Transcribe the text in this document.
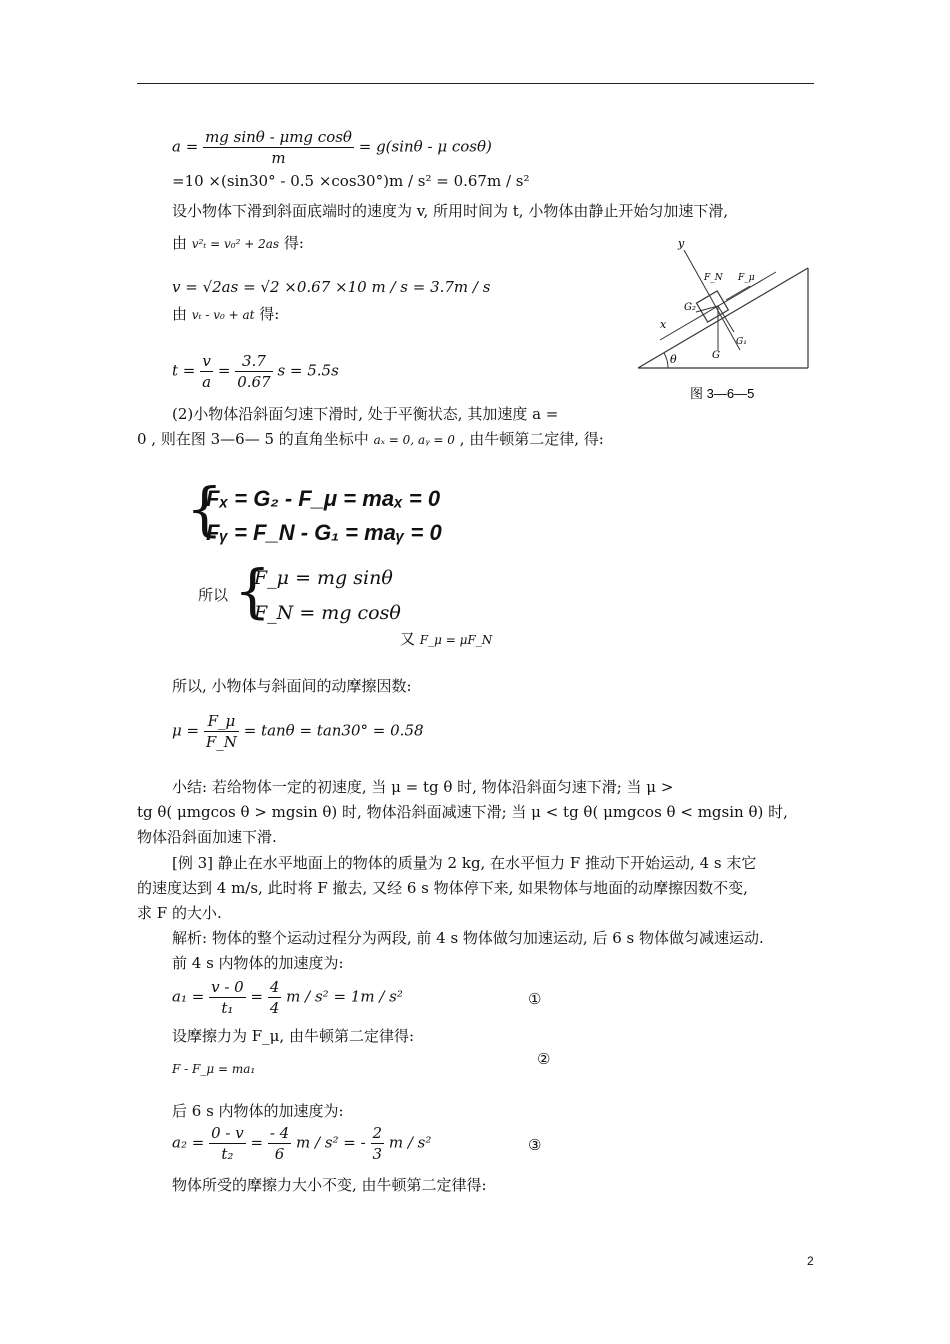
$a = \frac{\text{mg sinθ - μmg cosθ}}{m} = g(\sin\theta - \mu$ cosθ)
=10 ×(sin30° - 0.5 ×cos30°)m / s² = 0.67m / s²
设小物体下滑到斜面底端时的速度为 v, 所用时间为 t, 小物体由静止开始匀加速下滑,
由 v²ₜ = v₀² + 2as 得:
v = √2as = √2 ×0.67 ×10 m / s = 3.7m / s
由 vₜ - v₀ + at 得:
$t = \frac{v}{a} = \frac{3.7}{0.67}$ s = 5.5s
(2)小物体沿斜面匀速下滑时, 处于平衡状态, 其加速度 a =
0 , 则在图 3—6— 5 的直角坐标中 aₓ = 0, aᵧ = 0 , 由牛顿第二定律, 得:
{
Fₓ = G₂ - F_μ = maₓ = 0
Fᵧ = F_N - G₁ = maᵧ = 0
所以 {
F_μ = mg sinθ
F_N = mg cosθ
又 F_μ = μF_N
所以, 小物体与斜面间的动摩擦因数:
$\mu = \frac{F\_\mu}{F\_N} = \tan\theta = \tan 30^\circ = 0.58$
小结: 若给物体一定的初速度, 当 μ = tg θ 时, 物体沿斜面匀速下滑; 当 μ >
tg θ( μmgcos θ > mgsin θ) 时, 物体沿斜面减速下滑; 当 μ < tg θ( μmgcos θ < mgsin θ) 时,
物体沿斜面加速下滑.
[例 3] 静止在水平地面上的物体的质量为 2 kg, 在水平恒力 F 推动下开始运动, 4 s 末它
的速度达到 4 m/s, 此时将 F 撤去, 又经 6 s 物体停下来, 如果物体与地面的动摩擦因数不变,
求 F 的大小.
解析: 物体的整个运动过程分为两段, 前 4 s 物体做匀加速运动, 后 6 s 物体做匀减速运动.
前 4 s 内物体的加速度为:
$a_1 = \frac{v - 0}{\text{t₁}} = \frac{4}{4}$ m / s² = 1m / s²	①
设摩擦力为 F_μ, 由牛顿第二定律得:
F - F_μ = ma₁
②
后 6 s 内物体的加速度为:
$a_2 = \frac{0 - v}{\text{t₂}} = \frac{- 4}{6}$ m / s² = - $\frac{2}{3}$ m / s²	③
物体所受的摩擦力大小不变, 由牛顿第二定律得:
y
x
F_N F_μ
G₂
G₁
G
θ
图 3—6—5
2
